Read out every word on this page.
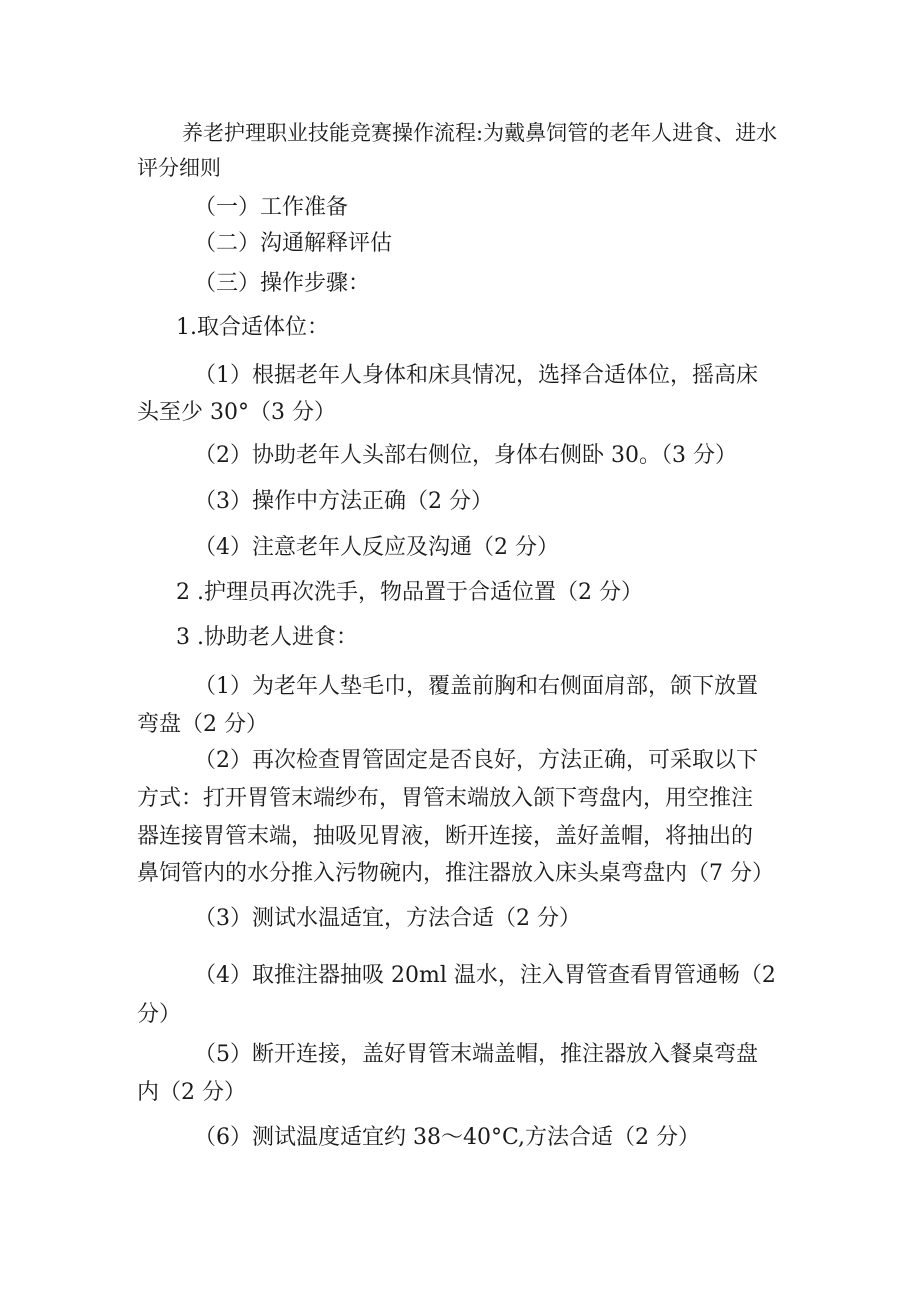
养老护理职业技能竞赛操作流程:为戴鼻饲管的老年人进食、进水
评分细则
（一）工作准备
（二）沟通解释评估
（三）操作步骤：
1.取合适体位：
（1）根据老年人身体和床具情况，选择合适体位，摇高床
头至少 30°（3 分）
（2）协助老年人头部右侧位，身体右侧卧 30。（3 分）
（3）操作中方法正确（2 分）
（4）注意老年人反应及沟通（2 分）
2 .护理员再次洗手，物品置于合适位置（2 分）
3 .协助老人进食：
（1）为老年人垫毛巾，覆盖前胸和右侧面肩部，颌下放置
弯盘（2 分）
（2）再次检查胃管固定是否良好，方法正确，可采取以下
方式：打开胃管末端纱布，胃管末端放入颌下弯盘内，用空推注
器连接胃管末端，抽吸见胃液，断开连接，盖好盖帽，将抽出的
鼻饲管内的水分推入污物碗内，推注器放入床头桌弯盘内（7 分）
（3）测试水温适宜，方法合适（2 分）
（4）取推注器抽吸 20ml 温水，注入胃管查看胃管通畅（2
分）
（5）断开连接，盖好胃管末端盖帽，推注器放入餐桌弯盘
内（2 分）
（6）测试温度适宜约 38～40°C,方法合适（2 分）
